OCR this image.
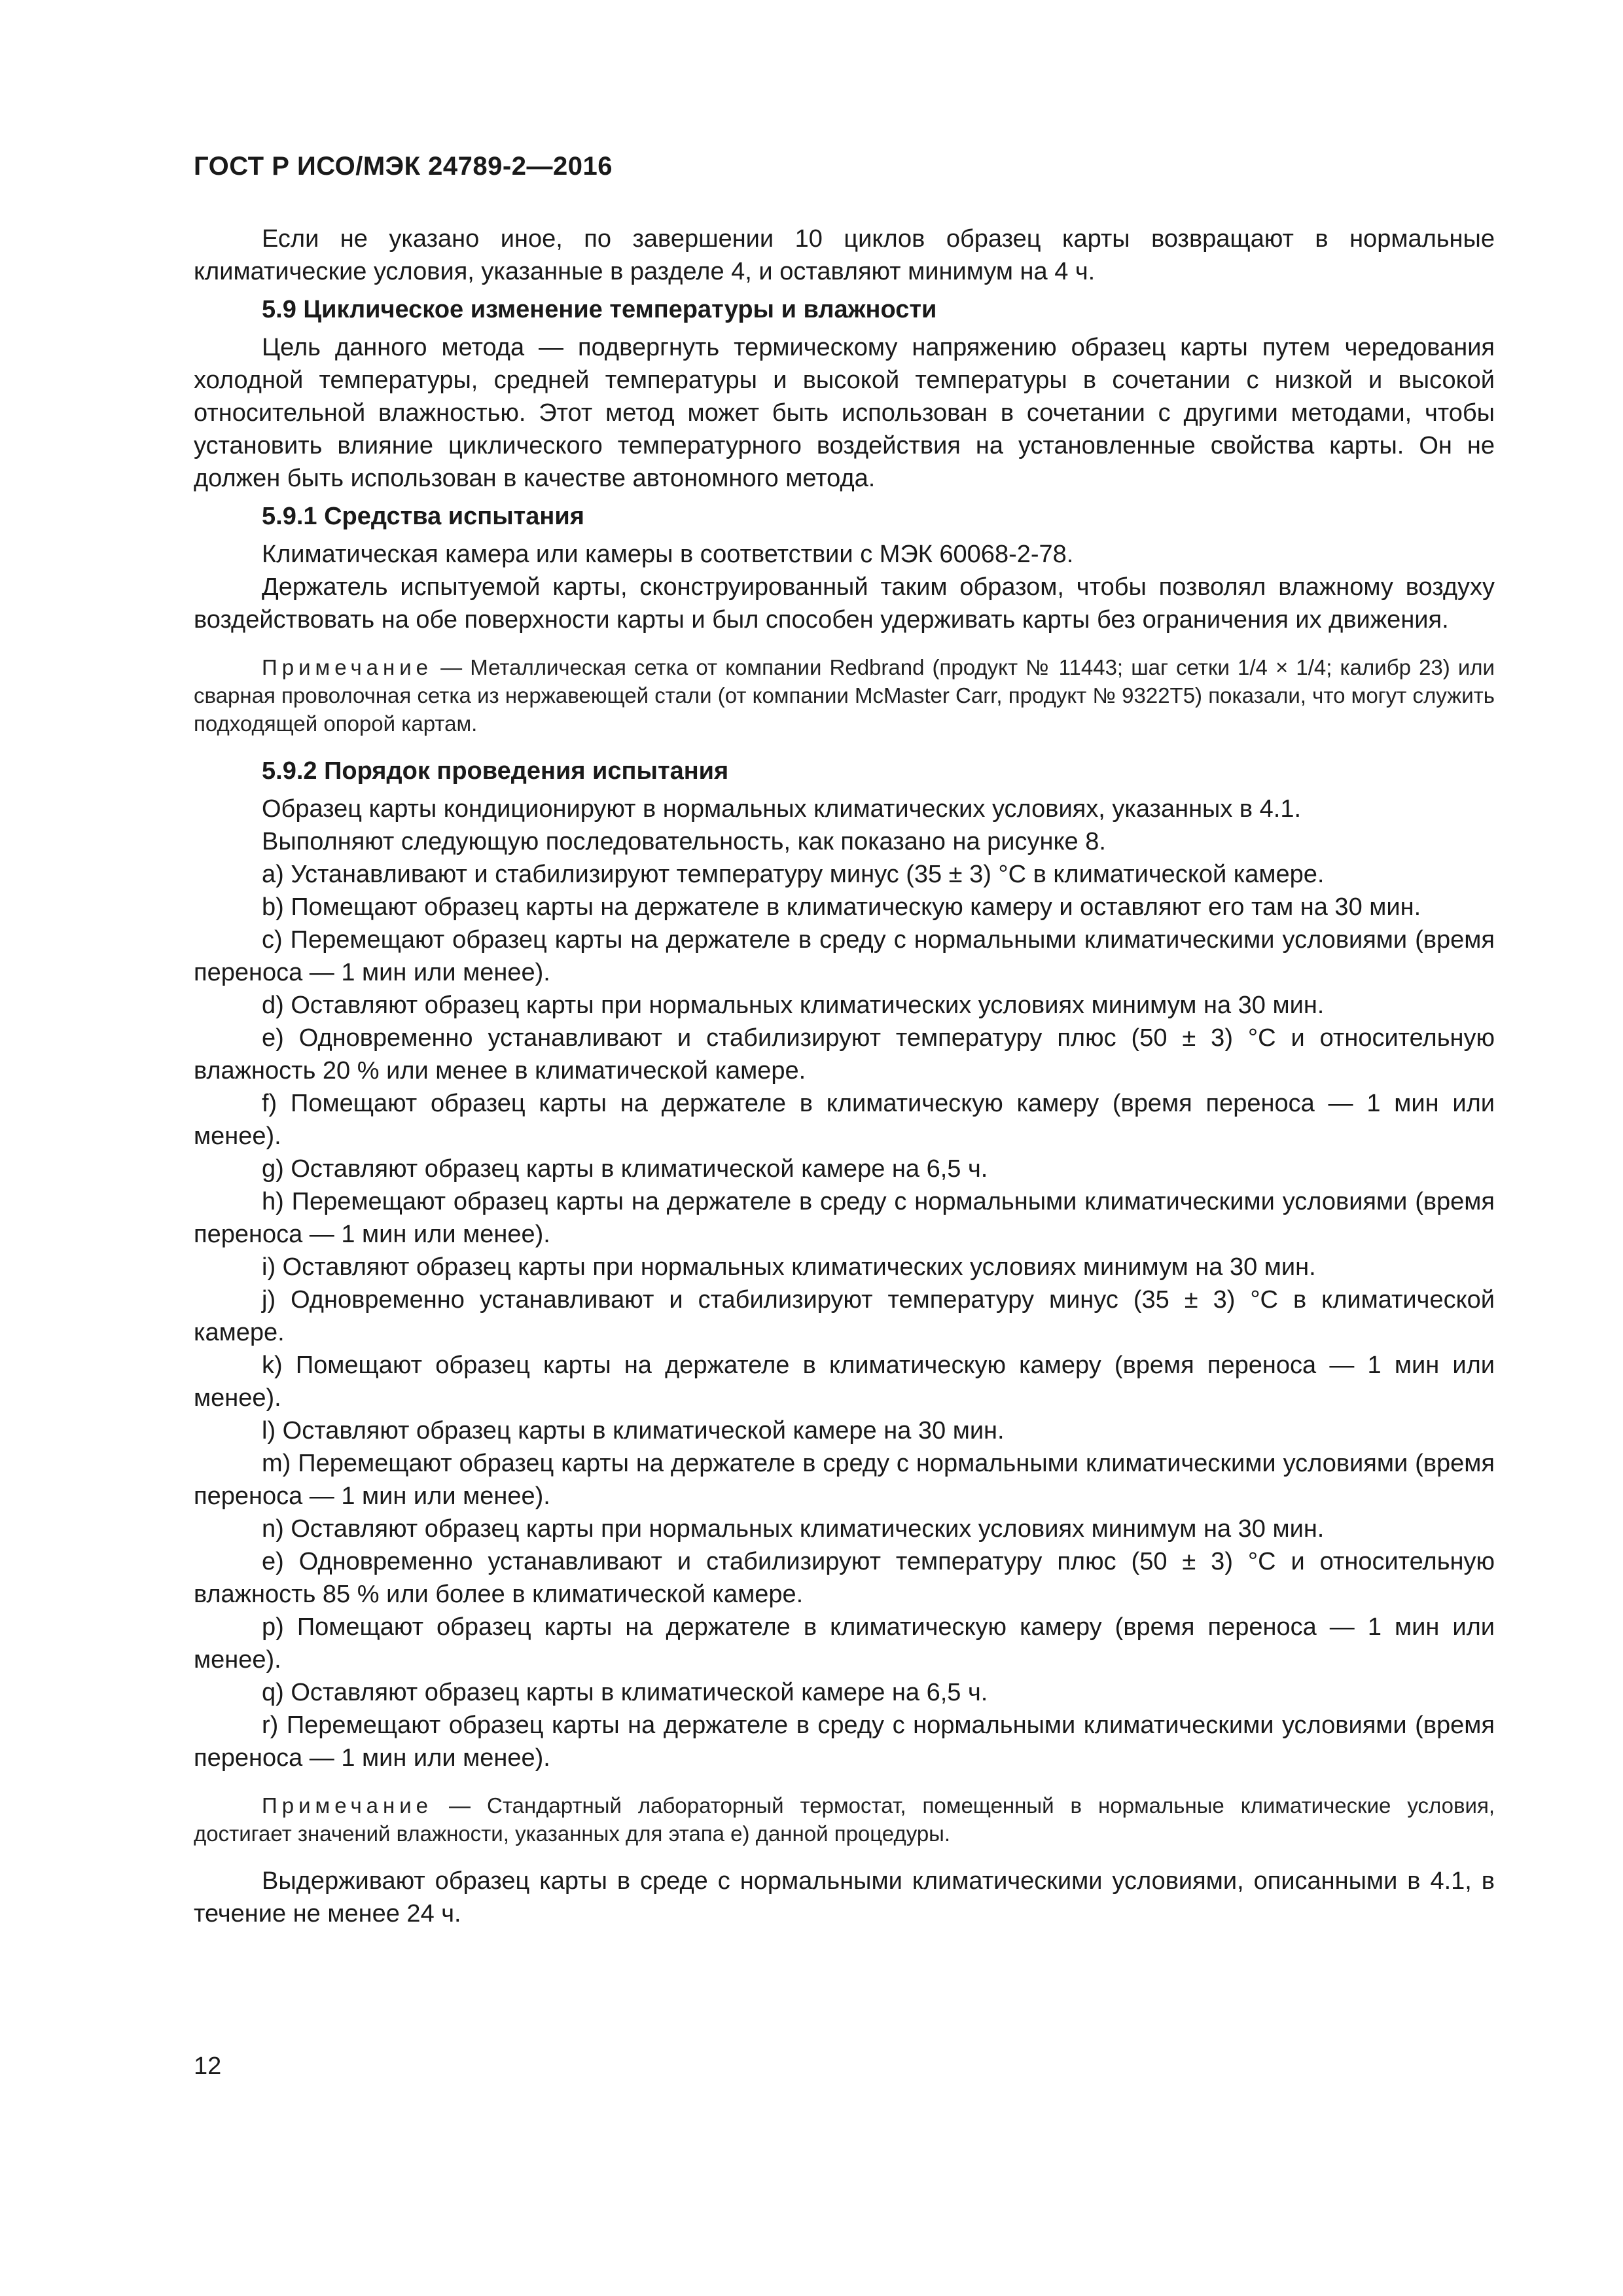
ГОСТ Р ИСО/МЭК 24789-2—2016

Если не указано иное, по завершении 10 циклов образец карты возвращают в нормальные климатические условия, указанные в разделе 4, и оставляют минимум на 4 ч.

5.9 Циклическое изменение температуры и влажности

Цель данного метода — подвергнуть термическому напряжению образец карты путем чередования холодной температуры, средней температуры и высокой температуры в сочетании с низкой и высокой относительной влажностью. Этот метод может быть использован в сочетании с другими методами, чтобы установить влияние циклического температурного воздействия на установленные свойства карты. Он не должен быть использован в качестве автономного метода.

5.9.1 Средства испытания

Климатическая камера или камеры в соответствии с МЭК 60068-2-78.

Держатель испытуемой карты, сконструированный таким образом, чтобы позволял влажному воздуху воздействовать на обе поверхности карты и был способен удерживать карты без ограничения их движения.

Примечание — Металлическая сетка от компании Redbrand (продукт № 11443; шаг сетки 1/4 × 1/4; калибр 23) или сварная проволочная сетка из нержавеющей стали (от компании McMaster Carr, продукт № 9322T5) показали, что могут служить подходящей опорой картам.

5.9.2 Порядок проведения испытания

Образец карты кондиционируют в нормальных климатических условиях, указанных в 4.1.

Выполняют следующую последовательность, как показано на рисунке 8.

a) Устанавливают и стабилизируют температуру минус (35 ± 3) °С в климатической камере.

b) Помещают образец карты на держателе в климатическую камеру и оставляют его там на 30 мин.

c) Перемещают образец карты на держателе в среду с нормальными климатическими условиями (время переноса — 1 мин или менее).

d) Оставляют образец карты при нормальных климатических условиях минимум на 30 мин.

e) Одновременно устанавливают и стабилизируют температуру плюс (50 ± 3) °С и относительную влажность 20 % или менее в климатической камере.

f) Помещают образец карты на держателе в климатическую камеру (время переноса — 1 мин или менее).

g) Оставляют образец карты в климатической камере на 6,5 ч.

h) Перемещают образец карты на держателе в среду с нормальными климатическими условиями (время переноса — 1 мин или менее).

i) Оставляют образец карты при нормальных климатических условиях минимум на 30 мин.

j) Одновременно устанавливают и стабилизируют температуру минус (35 ± 3) °С в климатической камере.

k) Помещают образец карты на держателе в климатическую камеру (время переноса — 1 мин или менее).

l) Оставляют образец карты в климатической камере на 30 мин.

m) Перемещают образец карты на держателе в среду с нормальными климатическими условиями (время переноса — 1 мин или менее).

n) Оставляют образец карты при нормальных климатических условиях минимум на 30 мин.

e) Одновременно устанавливают и стабилизируют температуру плюс (50 ± 3) °С и относительную влажность 85 % или более в климатической камере.

p) Помещают образец карты на держателе в климатическую камеру (время переноса — 1 мин или менее).

q) Оставляют образец карты в климатической камере на 6,5 ч.

r) Перемещают образец карты на держателе в среду с нормальными климатическими условиями (время переноса — 1 мин или менее).

Примечание — Стандартный лабораторный термостат, помещенный в нормальные климатические условия, достигает значений влажности, указанных для этапа e) данной процедуры.

Выдерживают образец карты в среде с нормальными климатическими условиями, описанными в 4.1, в течение не менее 24 ч.

12
